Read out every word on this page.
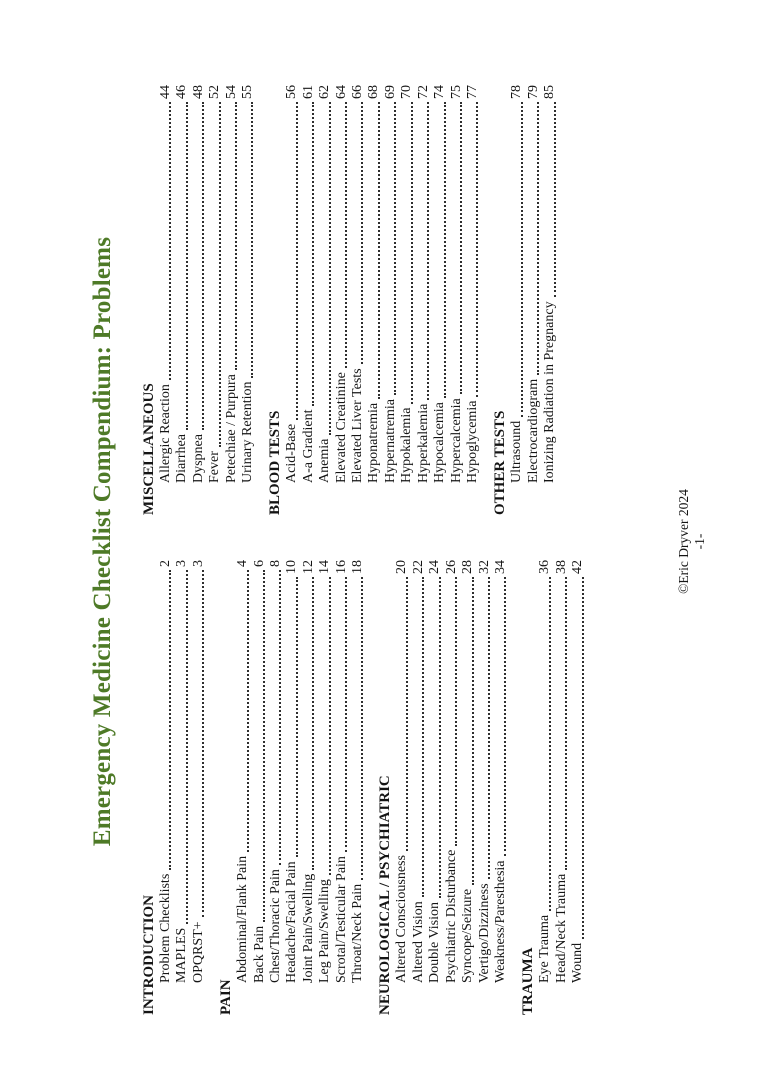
Emergency Medicine Checklist Compendium: Problems
INTRODUCTION Problem Checklists
2
MAPLES
3
OPQRST+
3
PAIN
Abdominal/Flank Pain
4
Back Pain
6
Chest/Thoracic Pain
8
Headache/Facial Pain
10
Joint Pain/Swelling
12
Leg Pain/Swelling
14
Scrotal/Testicular Pain
16
Throat/Neck Pain
18
NEUROLOGICAL / PSYCHIATRIC Altered Consciousness
20
Altered Vision
22
Double Vision
24
Psychiatric Disturbance
26
Syncope/Seizure
28
Vertigo/Dizziness
32
Weakness/Paresthesia
34
TRAUMA Eye Trauma
36
Head/Neck Trauma
38
Wound
42
MISCELLANEOUS Allergic Reaction
44
Diarrhea
46
Dyspnea
48
Fever
52
Petechiae / Purpura
54
Urinary Retention
55
BLOOD TESTS Acid-Base
56
A-a Gradient
61
Anemia
62
Elevated Creatinine
64
Elevated Liver Tests
66
Hyponatremia
68
Hypernatremia
69
Hypokalemia
70
Hyperkalemia
72
Hypocalcemia
74
Hypercalcemia
75
Hypoglycemia
77
OTHER TESTS Ultrasound
78
Electrocardiogram
79
Ionizing Radiation in Pregnancy
85
©Eric Dryver 2024 -1-
